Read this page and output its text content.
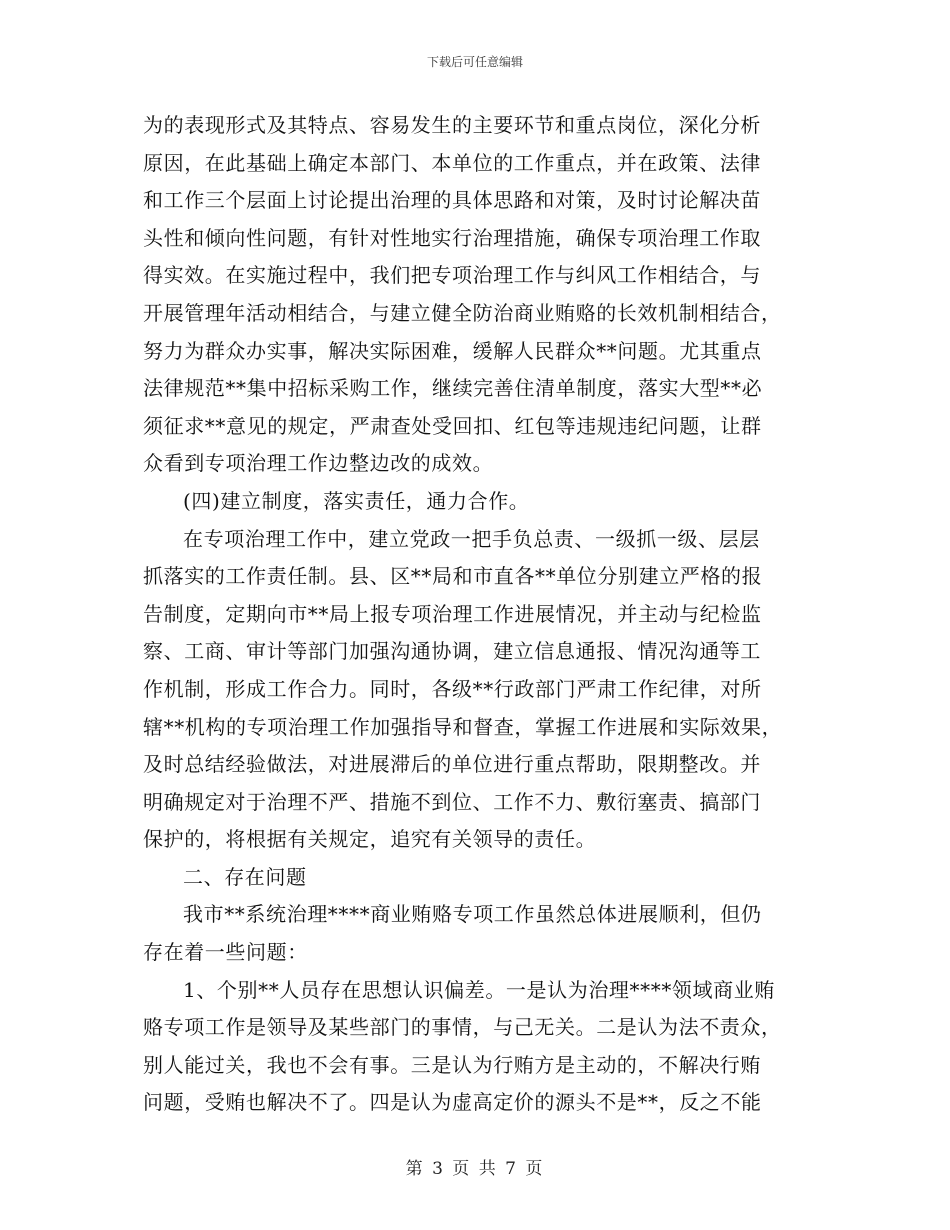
下载后可任意编辑
为的表现形式及其特点、容易发生的主要环节和重点岗位，深化分析
原因，在此基础上确定本部门、本单位的工作重点，并在政策、法律
和工作三个层面上讨论提出治理的具体思路和对策，及时讨论解决苗
头性和倾向性问题，有针对性地实行治理措施，确保专项治理工作取
得实效。在实施过程中，我们把专项治理工作与纠风工作相结合，与
开展管理年活动相结合，与建立健全防治商业贿赂的长效机制相结合，
努力为群众办实事，解决实际困难，缓解人民群众**问题。尤其重点
法律规范**集中招标采购工作，继续完善住清单制度，落实大型**必
须征求**意见的规定，严肃查处受回扣、红包等违规违纪问题，让群
众看到专项治理工作边整边改的成效。
(四)建立制度，落实责任，通力合作。
在专项治理工作中，建立党政一把手负总责、一级抓一级、层层
抓落实的工作责任制。县、区**局和市直各**单位分别建立严格的报
告制度，定期向市**局上报专项治理工作进展情况，并主动与纪检监
察、工商、审计等部门加强沟通协调，建立信息通报、情况沟通等工
作机制，形成工作合力。同时，各级**行政部门严肃工作纪律，对所
辖**机构的专项治理工作加强指导和督查，掌握工作进展和实际效果，
及时总结经验做法，对进展滞后的单位进行重点帮助，限期整改。并
明确规定对于治理不严、措施不到位、工作不力、敷衍塞责、搞部门
保护的，将根据有关规定，追究有关领导的责任。
二、存在问题
我市**系统治理****商业贿赂专项工作虽然总体进展顺利，但仍
存在着一些问题：
1、个别**人员存在思想认识偏差。一是认为治理****领域商业贿
赂专项工作是领导及某些部门的事情，与己无关。二是认为法不责众，
别人能过关，我也不会有事。三是认为行贿方是主动的，不解决行贿
问题，受贿也解决不了。四是认为虚高定价的源头不是**，反之不能
第 3 页 共 7 页
